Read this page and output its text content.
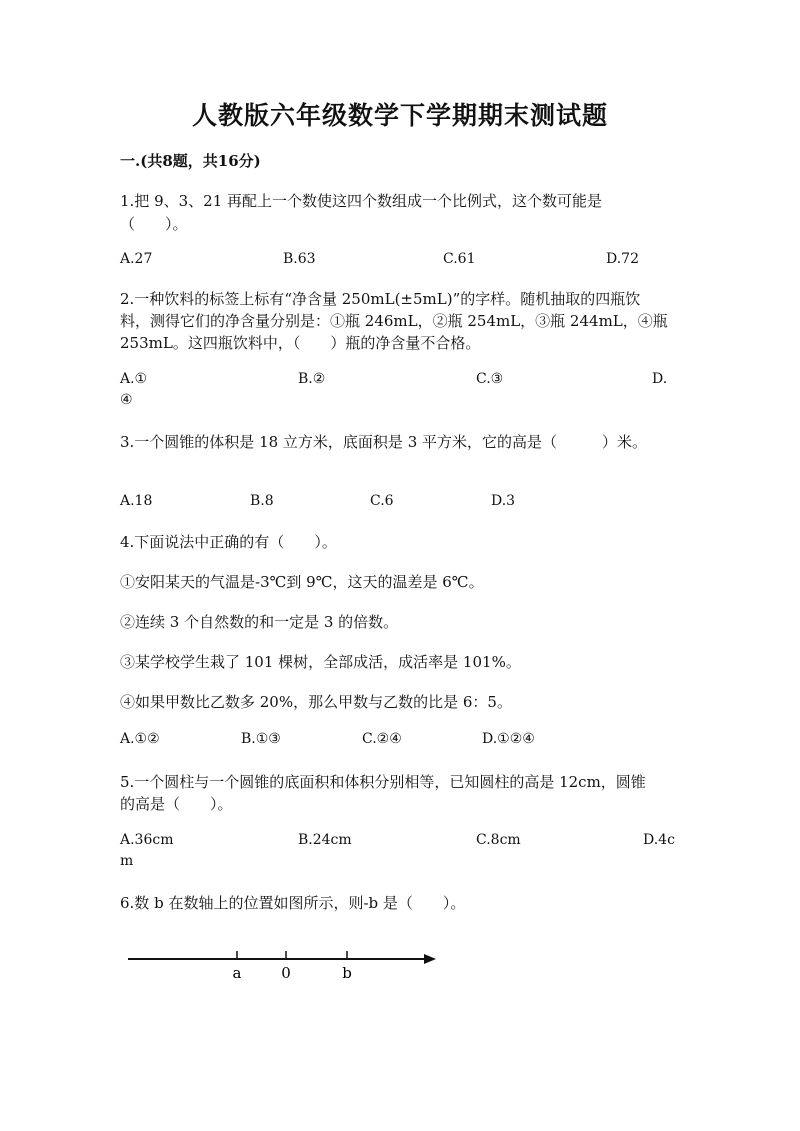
人教版六年级数学下学期期末测试题
一.(共8题，共16分)
1.把 9、3、21 再配上一个数使这四个数组成一个比例式，这个数可能是
（　　）。
A.27	B.63	C.61	D.72
2.一种饮料的标签上标有“净含量 250mL(±5mL)”的字样。随机抽取的四瓶饮
料，测得它们的净含量分别是：①瓶 246mL，②瓶 254mL，③瓶 244mL，④瓶
253mL。这四瓶饮料中，（　　）瓶的净含量不合格。
A.①	B.②	C.③	D.
④
3.一个圆锥的体积是 18 立方米，底面积是 3 平方米，它的高是（　　　）米。
A.18	B.8	C.6	D.3
4.下面说法中正确的有（　　）。
①安阳某天的气温是-3℃到 9℃，这天的温差是 6℃。
②连续 3 个自然数的和一定是 3 的倍数。
③某学校学生栽了 101 棵树，全部成活，成活率是 101%。
④如果甲数比乙数多 20%，那么甲数与乙数的比是 6：5。
A.①②	B.①③	C.②④	D.①②④
5.一个圆柱与一个圆锥的底面积和体积分别相等，已知圆柱的高是 12cm，圆锥
的高是（　　）。
A.36cm	B.24cm	C.8cm	D.4c
m
6.数 b 在数轴上的位置如图所示，则-b 是（　　）。
a	0	b
